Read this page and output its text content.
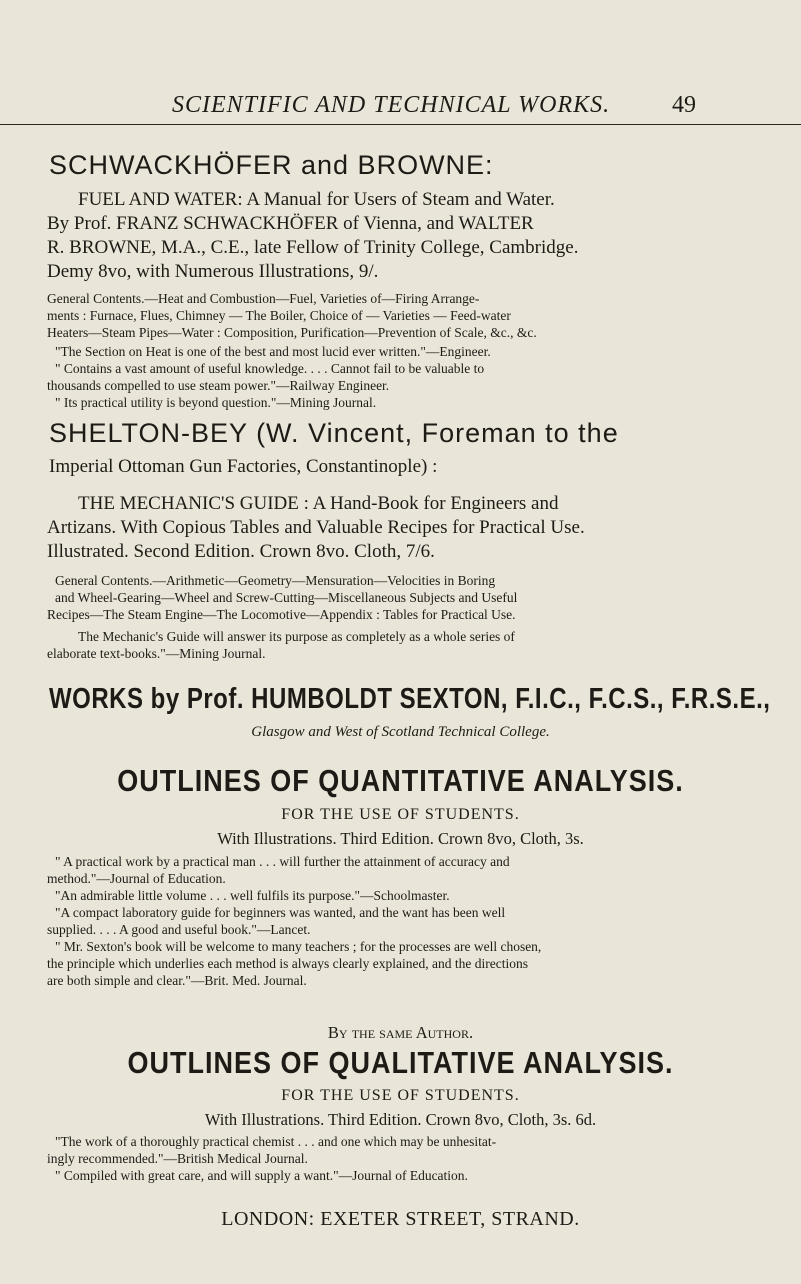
SCIENTIFIC AND TECHNICAL WORKS.	49
SCHWACKHÖFER and BROWNE:

FUEL AND WATER: A Manual for Users of Steam and Water.

By Prof. FRANZ SCHWACKHÖFER of Vienna, and WALTER

R. BROWNE, M.A., C.E., late Fellow of Trinity College, Cambridge.

Demy 8vo, with Numerous Illustrations, 9/.

General Contents.—Heat and Combustion—Fuel, Varieties of—Firing Arrange-

ments : Furnace, Flues, Chimney — The Boiler, Choice of — Varieties — Feed-water

Heaters—Steam Pipes—Water : Composition, Purification—Prevention of Scale, &c., &c.

"The Section on Heat is one of the best and most lucid ever written."—Engineer.

" Contains a vast amount of useful knowledge. . . . Cannot fail to be valuable to

thousands compelled to use steam power."—Railway Engineer.

" Its practical utility is beyond question."—Mining Journal.

SHELTON-BEY (W. Vincent, Foreman to the
Imperial Ottoman Gun Factories, Constantinople) :

THE MECHANIC'S GUIDE : A Hand-Book for Engineers and

Artizans. With Copious Tables and Valuable Recipes for Practical Use.

Illustrated. Second Edition. Crown 8vo. Cloth, 7/6.

General Contents.—Arithmetic—Geometry—Mensuration—Velocities in Boring

and Wheel-Gearing—Wheel and Screw-Cutting—Miscellaneous Subjects and Useful

Recipes—The Steam Engine—The Locomotive—Appendix : Tables for Practical Use.

The Mechanic's Guide will answer its purpose as completely as a whole series of

elaborate text-books."—Mining Journal.

WORKS by Prof. HUMBOLDT SEXTON, F.I.C., F.C.S., F.R.S.E.,
Glasgow and West of Scotland Technical College.
OUTLINES OF QUANTITATIVE ANALYSIS.
FOR THE USE OF STUDENTS.
With Illustrations. Third Edition. Crown 8vo, Cloth, 3s.

" A practical work by a practical man . . . will further the attainment of accuracy and

method."—Journal of Education.

"An admirable little volume . . . well fulfils its purpose."—Schoolmaster.

"A compact laboratory guide for beginners was wanted, and the want has been well

supplied. . . . A good and useful book."—Lancet.

" Mr. Sexton's book will be welcome to many teachers ; for the processes are well chosen,

the principle which underlies each method is always clearly explained, and the directions

are both simple and clear."—Brit. Med. Journal.

By the same Author.
OUTLINES OF QUALITATIVE ANALYSIS.
FOR THE USE OF STUDENTS.
With Illustrations. Third Edition. Crown 8vo, Cloth, 3s. 6d.

"The work of a thoroughly practical chemist . . . and one which may be unhesitat-

ingly recommended."—British Medical Journal.

" Compiled with great care, and will supply a want."—Journal of Education.

LONDON: EXETER STREET, STRAND.
